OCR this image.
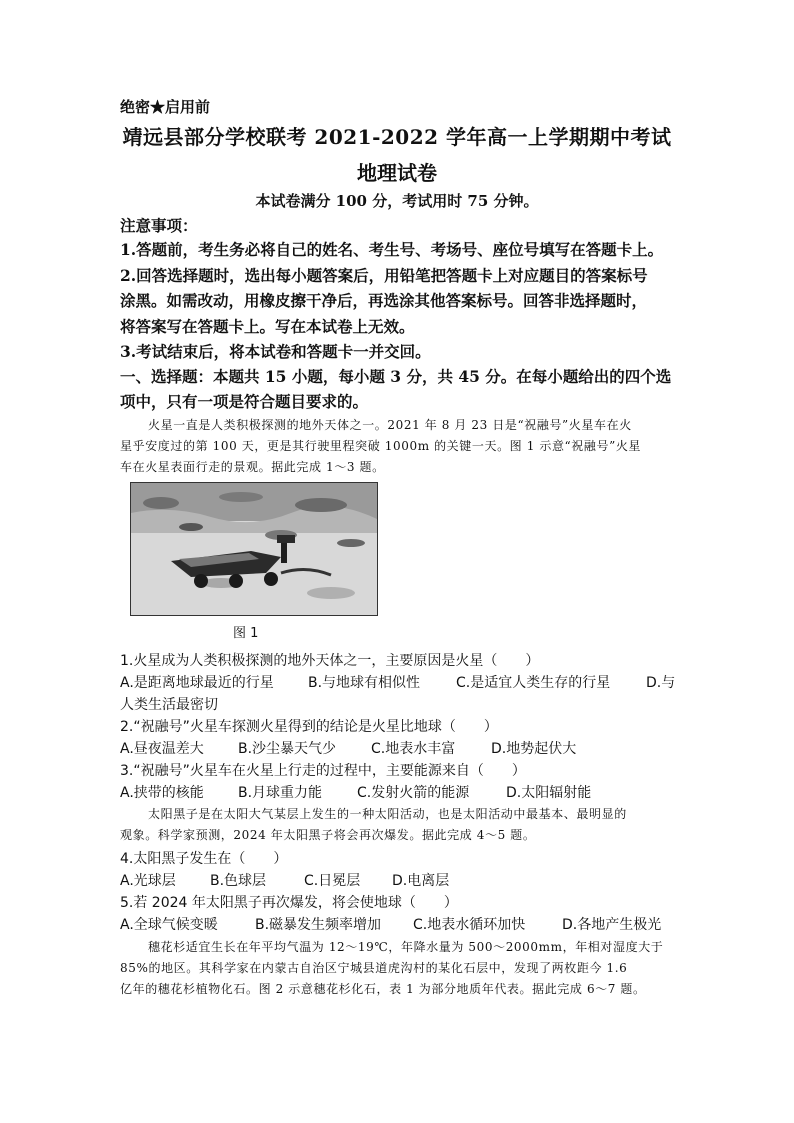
绝密★启用前
靖远县部分学校联考 2021-2022 学年高一上学期期中考试
地理试卷
本试卷满分 100 分，考试用时 75 分钟。
注意事项：
1.答题前，考生务必将自己的姓名、考生号、考场号、座位号填写在答题卡上。
2.回答选择题时，选出每小题答案后，用铅笔把答题卡上对应题目的答案标号
涂黑。如需改动，用橡皮擦干净后，再选涂其他答案标号。回答非选择题时，
将答案写在答题卡上。写在本试卷上无效。
3.考试结束后，将本试卷和答题卡一并交回。
一、选择题：本题共 15 小题，每小题 3 分，共 45 分。在每小题给出的四个选
项中，只有一项是符合题目要求的。
火星一直是人类积极探测的地外天体之一。2021 年 8 月 23 日是“祝融号”火星车在火
星乎安度过的第 100 天，更是其行驶里程突破 1000m 的关键一天。图 1 示意“祝融号”火星
车在火星表面行走的景观。据此完成 1～3 题。
图 1
1.火星成为人类积极探测的地外天体之一，主要原因是火星（　　）
A.是距离地球最近的行星 B.与地球有相似性	C.是适宜人类生存的行星	D.与
人类生活最密切
2.“祝融号”火星车探测火星得到的结论是火星比地球（　　）
A.昼夜温差大 B.沙尘暴天气少 C.地表水丰富	D.地势起伏大
3.“祝融号”火星车在火星上行走的过程中，主要能源来自（　　）
A.挟带的核能 B.月球重力能 C.发射火箭的能源	D.太阳辐射能
太阳黑子是在太阳大气某层上发生的一种太阳活动，也是太阳活动中最基本、最明显的
观象。科学家预测，2024 年太阳黑子将会再次爆发。据此完成 4～5 题。
4.太阳黑子发生在（　　）
A.光球层 B.色球层	C.日冕层 D.电离层
5.若 2024 年太阳黑子再次爆发，将会使地球（　　）
A.全球气候变暖	B.磁暴发生频率增加 C.地表水循环加快	D.各地产生极光
穗花杉适宜生长在年平均气温为 12～19℃，年降水量为 500～2000mm，年相对湿度大于
85%的地区。其科学家在内蒙古自治区宁城县道虎沟村的某化石层中，发现了两枚距今 1.6
亿年的穗花杉植物化石。图 2 示意穗花杉化石，表 1 为部分地质年代表。据此完成 6～7 题。
